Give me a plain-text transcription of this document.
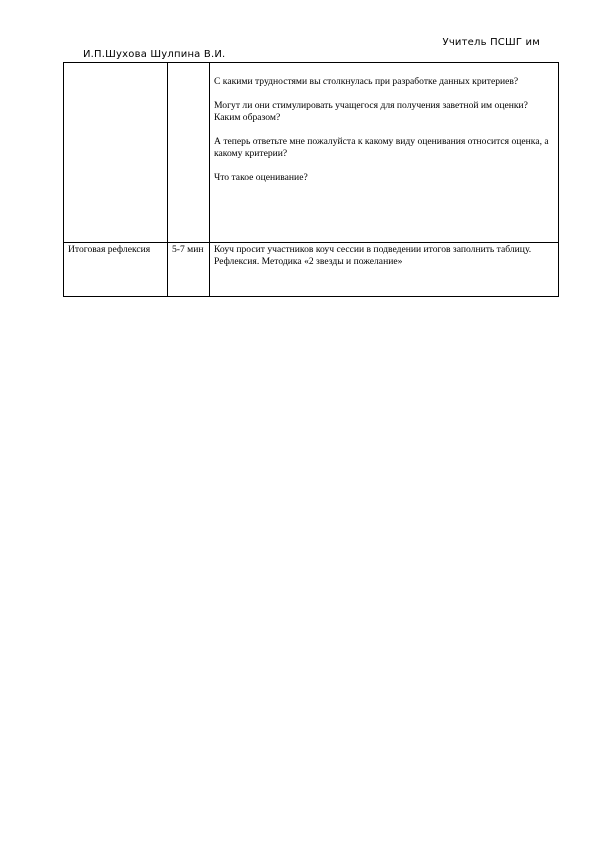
Учитель ПСШГ им
И.П.Шухова Шулпина В.И.

		С какими трудностями вы столкнулась при разработке данных критериев?

Могут ли они стимулировать учащегося для получения заветной им оценки? Каким образом?

А теперь ответьте мне пожалуйста к какому виду оценивания относится оценка, а какому критерии?

Что такое оценивание?

Итоговая рефлексия	5-7 мин	Коуч просит участников коуч сессии в подведении итогов заполнить таблицу.
Рефлексия. Методика «2 звезды и пожелание»
